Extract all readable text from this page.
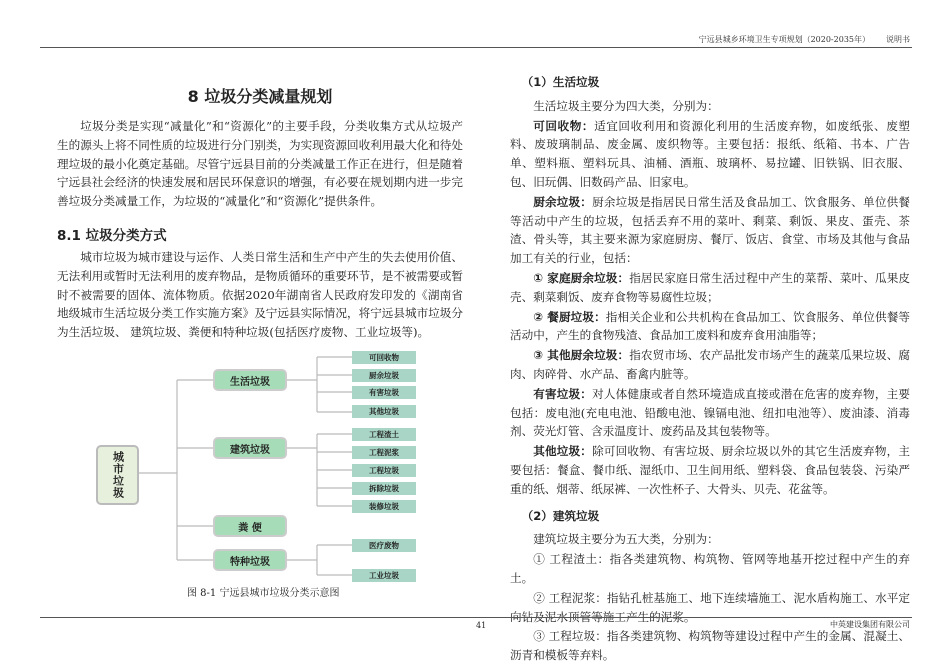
宁远县城乡环境卫生专项规划（2020-2035年） 说明书
8 垃圾分类减量规划

垃圾分类是实现“减量化”和“资源化”的主要手段，分类收集方式从垃圾产生的源头上将不同性质的垃圾进行分门别类，为实现资源回收利用最大化和待处理垃圾的最小化奠定基础。尽管宁远县目前的分类减量工作正在进行，但是随着宁远县社会经济的快速发展和居民环保意识的增强，有必要在规划期内进一步完善垃圾分类减量工作，为垃圾的“减量化”和“资源化”提供条件。

8.1 垃圾分类方式

城市垃圾为城市建设与运作、人类日常生活和生产中产生的失去使用价值、无法利用或暂时无法利用的废弃物品，是物质循环的重要环节，是不被需要或暂时不被需要的固体、流体物质。依据2020年湖南省人民政府发印发的《湖南省地级城市生活垃圾分类工作实施方案》及宁远县实际情况，将宁远县城市垃圾分为生活垃圾、 建筑垃圾、粪便和特种垃圾(包括医疗废物、工业垃圾等)。

城市垃圾
生活垃圾
建筑垃圾
粪 便
特种垃圾
可回收物
厨余垃圾
有害垃圾
其他垃圾
工程渣土
工程泥浆
工程垃圾
拆除垃圾
装修垃圾
医疗废物
工业垃圾
图 8-1 宁远县城市垃圾分类示意图
（1）生活垃圾

生活垃圾主要分为四大类，分别为：

可回收物：适宜回收利用和资源化利用的生活废弃物，如废纸张、废塑料、废玻璃制品、废金属、废织物等。主要包括：报纸、纸箱、书本、广告单、塑料瓶、塑料玩具、油桶、酒瓶、玻璃杯、易拉罐、旧铁锅、旧衣服、包、旧玩偶、旧数码产品、旧家电。

厨余垃圾：厨余垃圾是指居民日常生活及食品加工、饮食服务、单位供餐等活动中产生的垃圾，包括丢弃不用的菜叶、剩菜、剩饭、果皮、蛋壳、茶渣、骨头等，其主要来源为家庭厨房、餐厅、饭店、食堂、市场及其他与食品加工有关的行业，包括：

① 家庭厨余垃圾：指居民家庭日常生活过程中产生的菜帮、菜叶、瓜果皮壳、剩菜剩饭、废弃食物等易腐性垃圾；

② 餐厨垃圾：指相关企业和公共机构在食品加工、饮食服务、单位供餐等活动中，产生的食物残渣、食品加工废料和废弃食用油脂等；

③ 其他厨余垃圾：指农贸市场、农产品批发市场产生的蔬菜瓜果垃圾、腐肉、肉碎骨、水产品、畜禽内脏等。

有害垃圾：对人体健康或者自然环境造成直接或潜在危害的废弃物，主要包括：废电池(充电电池、铅酸电池、镍镉电池、纽扣电池等）、废油漆、消毒剂、荧光灯管、含汞温度计、废药品及其包装物等。

其他垃圾：除可回收物、有害垃圾、厨余垃圾以外的其它生活废弃物，主要包括：餐盒、餐巾纸、湿纸巾、卫生间用纸、塑料袋、食品包装袋、污染严重的纸、烟蒂、纸尿裤、一次性杯子、大骨头、贝壳、花盆等。

（2）建筑垃圾

建筑垃圾主要分为五大类，分别为：

① 工程渣土：指各类建筑物、构筑物、管网等地基开挖过程中产生的弃土。

② 工程泥浆：指钻孔桩基施工、地下连续墙施工、泥水盾构施工、水平定向钻及泥水顶管等施工产生的泥浆。

③ 工程垃圾：指各类建筑物、构筑物等建设过程中产生的金属、混凝土、沥青和模板等弃料。

41	中英建设集团有限公司
